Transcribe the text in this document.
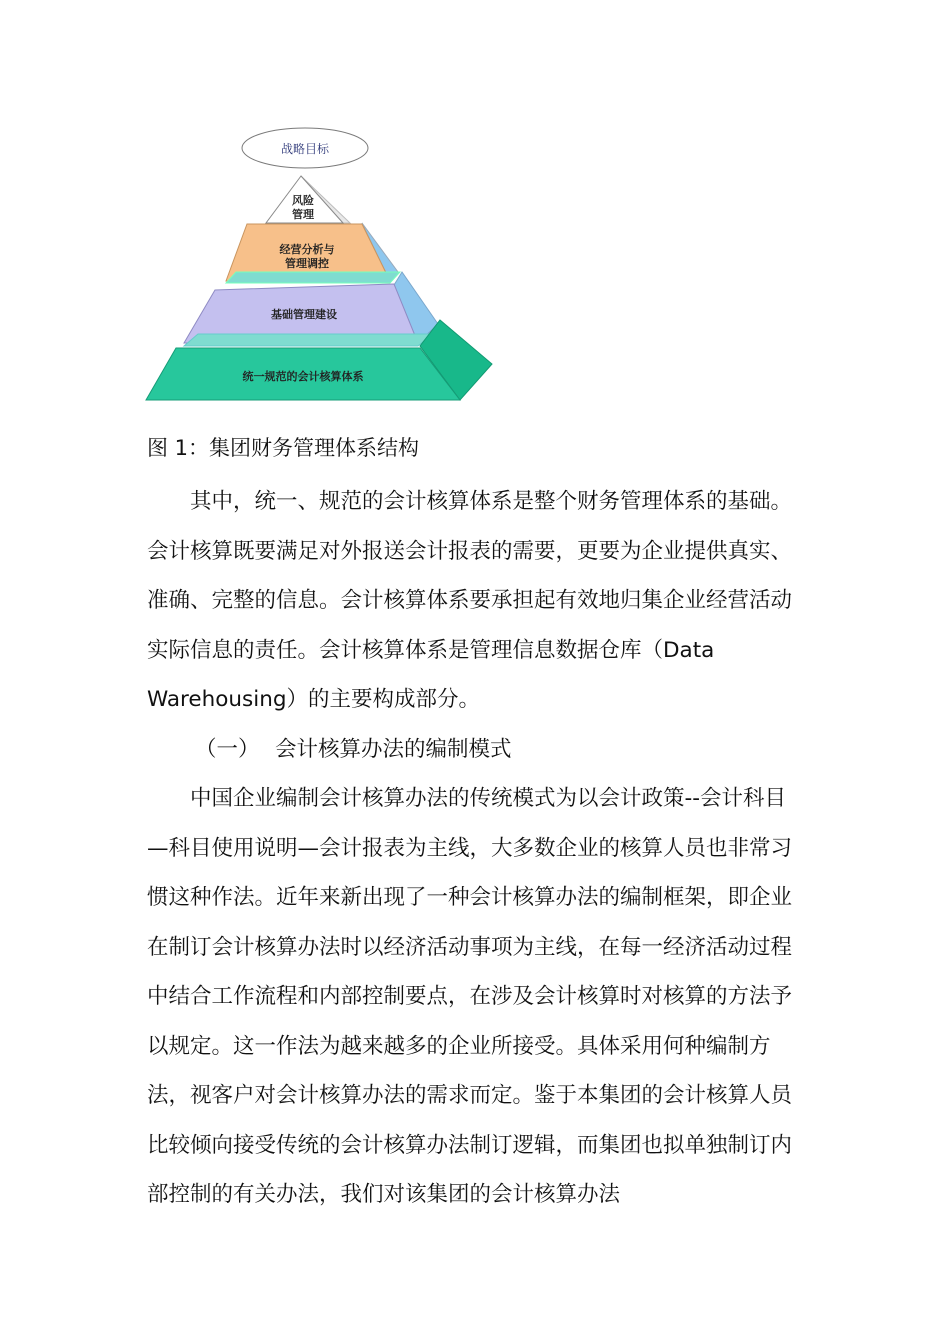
战略目标
风险
管理
经营分析与
管理调控
基础管理建设
统一规范的会计核算体系
图 1：集团财务管理体系结构

其中，统一、规范的会计核算体系是整个财务管理体系的基础。会计核算既要满足对外报送会计报表的需要，更要为企业提供真实、准确、完整的信息。会计核算体系要承担起有效地归集企业经营活动实际信息的责任。会计核算体系是管理信息数据仓库（Data Warehousing）的主要构成部分。

（一） 会计核算办法的编制模式

中国企业编制会计核算办法的传统模式为以会计政策--会计科目—科目使用说明—会计报表为主线，大多数企业的核算人员也非常习惯这种作法。近年来新出现了一种会计核算办法的编制框架，即企业在制订会计核算办法时以经济活动事项为主线，在每一经济活动过程中结合工作流程和内部控制要点，在涉及会计核算时对核算的方法予以规定。这一作法为越来越多的企业所接受。具体采用何种编制方法，视客户对会计核算办法的需求而定。鉴于本集团的会计核算人员比较倾向接受传统的会计核算办法制订逻辑，而集团也拟单独制订内部控制的有关办法，我们对该集团的会计核算办法
